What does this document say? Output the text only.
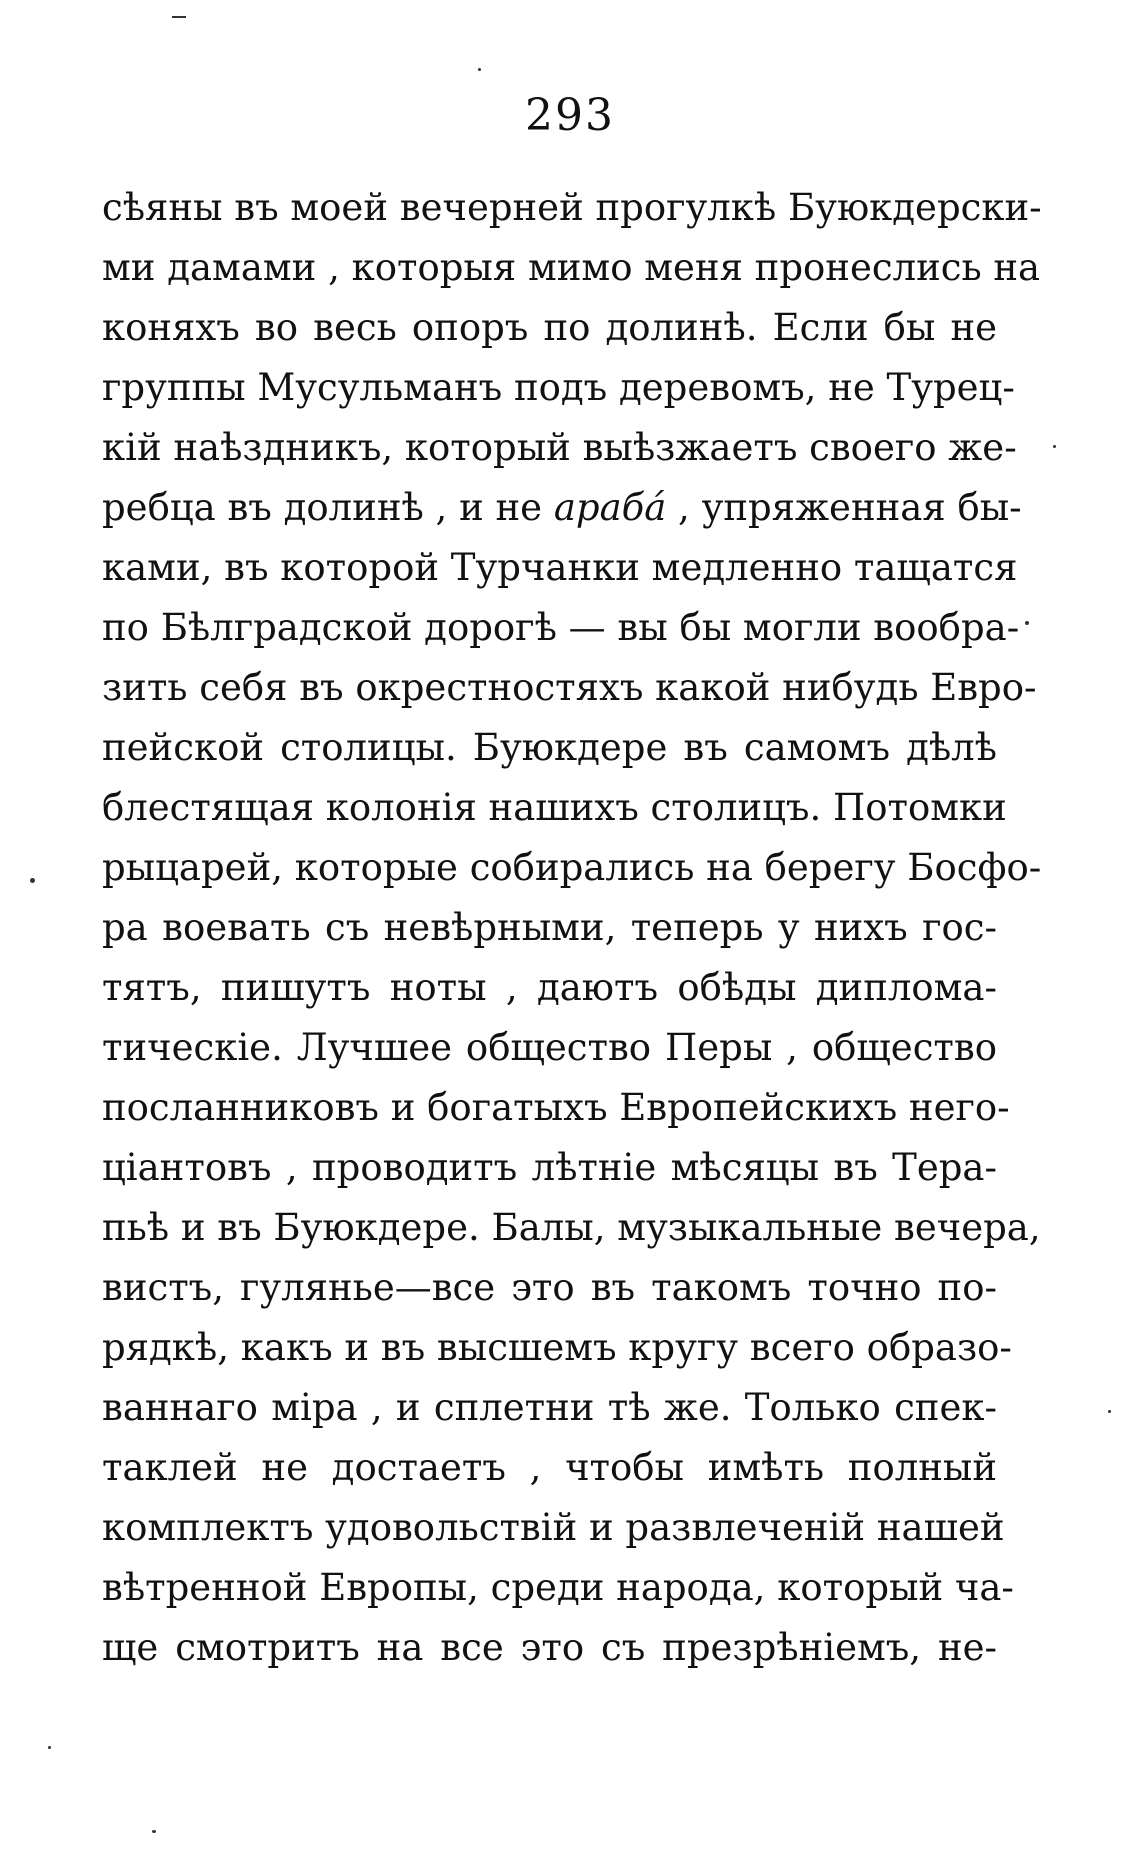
293
сѣяны въ моей вечерней прогулкѣ Буюкдерски-
ми дамами , которыя мимо меня пронеслись на
коняхъ во весь опоръ по долинѣ. Если бы не
группы Мусульманъ подъ деревомъ, не Турец-
кій наѣздникъ, который выѣзжаетъ своего же-
ребца въ долинѣ , и не арабá , упряженная бы-
ками, въ которой Турчанки медленно тащатся
по Бѣлградской дорогѣ — вы бы могли вообра-
зить себя въ окрестностяхъ какой нибудь Евро-
пейской столицы. Буюкдере въ самомъ дѣлѣ
блестящая колонія нашихъ столицъ. Потомки
рыцарей, которые собирались на берегу Босфо-
ра воевать съ невѣрными, теперь у нихъ гос-
тятъ, пишутъ ноты , даютъ обѣды диплома-
тическіе. Лучшее общество Перы , общество
посланниковъ и богатыхъ Европейскихъ него-
ціантовъ , проводитъ лѣтніе мѣсяцы въ Тера-
пьѣ и въ Буюкдере. Балы, музыкальные вечера,
вистъ, гулянье—все это въ такомъ точно по-
рядкѣ, какъ и въ высшемъ кругу всего образо-
ваннаго міра , и сплетни тѣ же. Только спек-
таклей не достаетъ , чтобы имѣть полный
комплектъ удовольствій и развлеченій нашей
вѣтренной Европы, среди народа, который ча-
ще смотритъ на все это съ презрѣніемъ, не-
